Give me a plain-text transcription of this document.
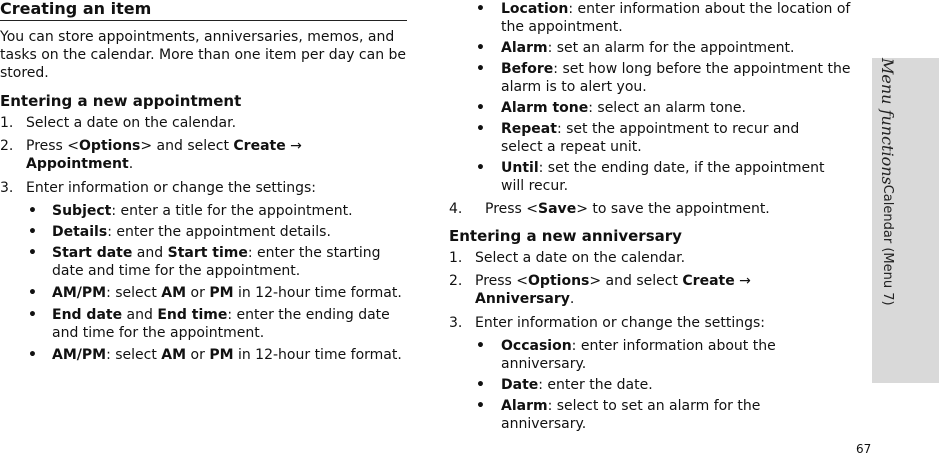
Creating an item

You can store appointments, anniversaries, memos, and tasks on the calendar. More than one item per day can be stored.

Entering a new appointment
1. Select a date on the calendar.
2. Press <Options> and select Create →
Appointment.
3. Enter information or change the settings:
• Subject: enter a title for the appointment.
• Details: enter the appointment details.
• Start date and Start time: enter the starting date and time for the appointment.
• AM/PM: select AM or PM in 12-hour time format.
• End date and End time: enter the ending date and time for the appointment.
• AM/PM: select AM or PM in 12-hour time format.
• Location: enter information about the location of the appointment.
• Alarm: set an alarm for the appointment.
• Before: set how long before the appointment the alarm is to alert you.
• Alarm tone: select an alarm tone.
• Repeat: set the appointment to recur and select a repeat unit.
• Until: set the ending date, if the appointment will recur.
4. Press <Save> to save the appointment.
Entering a new anniversary
1. Select a date on the calendar.
2. Press <Options> and select Create →
Anniversary.
3. Enter information or change the settings:
• Occasion: enter information about the anniversary.
• Date: enter the date.
• Alarm: select to set an alarm for the anniversary.
Menu functionsCalendar (Menu 7)
67
